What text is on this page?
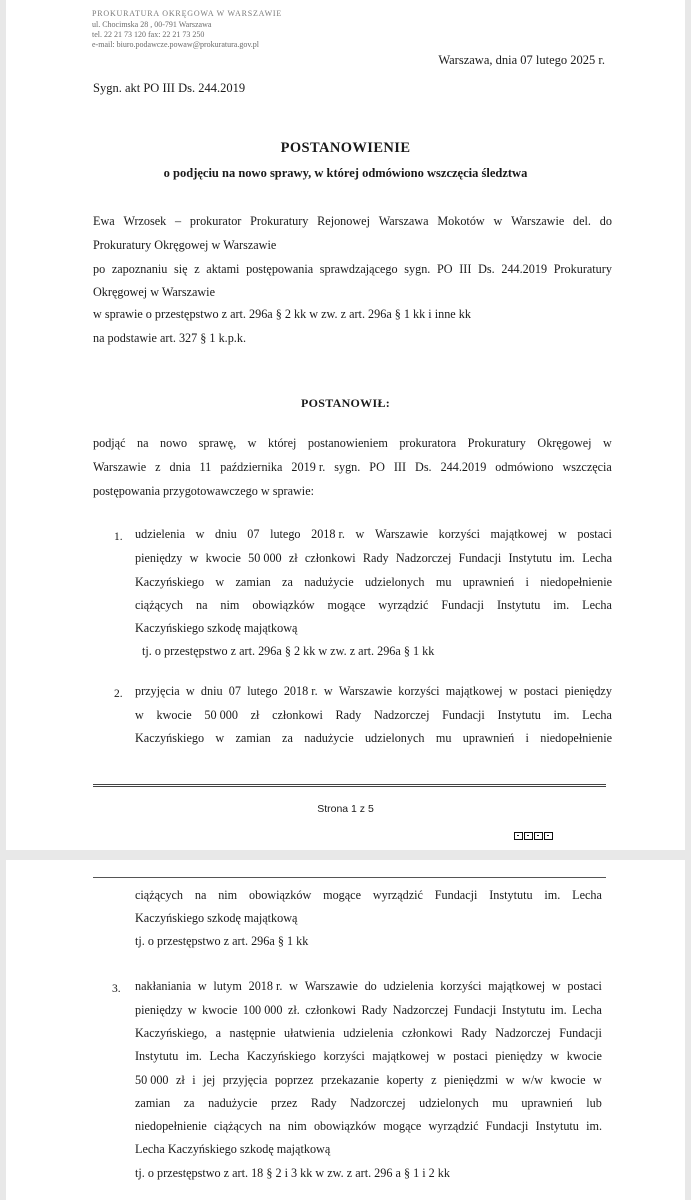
PROKURATURA OKRĘGOWA W WARSZAWIE
ul. Chocimska 28 , 00-791 Warszawa
tel. 22 21 73 120 fax: 22 21 73 250
e-mail: biuro.podawcze.powaw@prokuratura.gov.pl
Warszawa, dnia 07 lutego 2025 r.
Sygn. akt PO III Ds. 244.2019
POSTANOWIENIE
o podjęciu na nowo sprawy, w której odmówiono wszczęcia śledztwa
Ewa Wrzosek – prokurator Prokuratury Rejonowej Warszawa Mokotów w Warszawie del. do
Prokuratury Okręgowej w Warszawie
po zapoznaniu się z aktami postępowania sprawdzającego sygn. PO III Ds. 244.2019 Prokuratury
Okręgowej w Warszawie
w sprawie o przestępstwo z art. 296a § 2 kk w zw. z art. 296a § 1 kk i inne kk
na podstawie art. 327 § 1 k.p.k.
POSTANOWIŁ:
podjąć na nowo sprawę, w której postanowieniem prokuratora Prokuratury Okręgowej w
Warszawie z dnia 11 października 2019 r. sygn. PO III Ds. 244.2019 odmówiono wszczęcia
postępowania przygotowawczego w sprawie:
1. udzielenia w dniu 07 lutego 2018 r. w Warszawie korzyści majątkowej w postaci
pieniędzy w kwocie 50 000 zł członkowi Rady Nadzorczej Fundacji Instytutu im. Lecha
Kaczyńskiego w zamian za nadużycie udzielonych mu uprawnień i niedopełnienie
ciążących na nim obowiązków mogące wyrządzić Fundacji Instytutu im. Lecha
Kaczyńskiego szkodę majątkową
tj. o przestępstwo z art. 296a § 2 kk w zw. z art. 296a § 1 kk
2. przyjęcia w dniu 07 lutego 2018 r. w Warszawie korzyści majątkowej w postaci pieniędzy
w kwocie 50 000 zł członkowi Rady Nadzorczej Fundacji Instytutu im. Lecha
Kaczyńskiego w zamian za nadużycie udzielonych mu uprawnień i niedopełnienie
Strona 1 z 5
ciążących na nim obowiązków mogące wyrządzić Fundacji Instytutu im. Lecha
Kaczyńskiego szkodę majątkową
tj. o przestępstwo z art. 296a § 1 kk
3. nakłaniania w lutym 2018 r. w Warszawie do udzielenia korzyści majątkowej w postaci
pieniędzy w kwocie 100 000 zł. członkowi Rady Nadzorczej Fundacji Instytutu im. Lecha
Kaczyńskiego, a następnie ułatwienia udzielenia członkowi Rady Nadzorczej Fundacji
Instytutu im. Lecha Kaczyńskiego korzyści majątkowej w postaci pieniędzy w kwocie
50 000 zł i jej przyjęcia poprzez przekazanie koperty z pieniędzmi w w/w kwocie w
zamian za nadużycie przez Rady Nadzorczej udzielonych mu uprawnień lub
niedopełnienie ciążących na nim obowiązków mogące wyrządzić Fundacji Instytutu im.
Lecha Kaczyńskiego szkodę majątkową
tj. o przestępstwo z art. 18 § 2 i 3 kk w zw. z art. 296 a § 1 i 2 kk
